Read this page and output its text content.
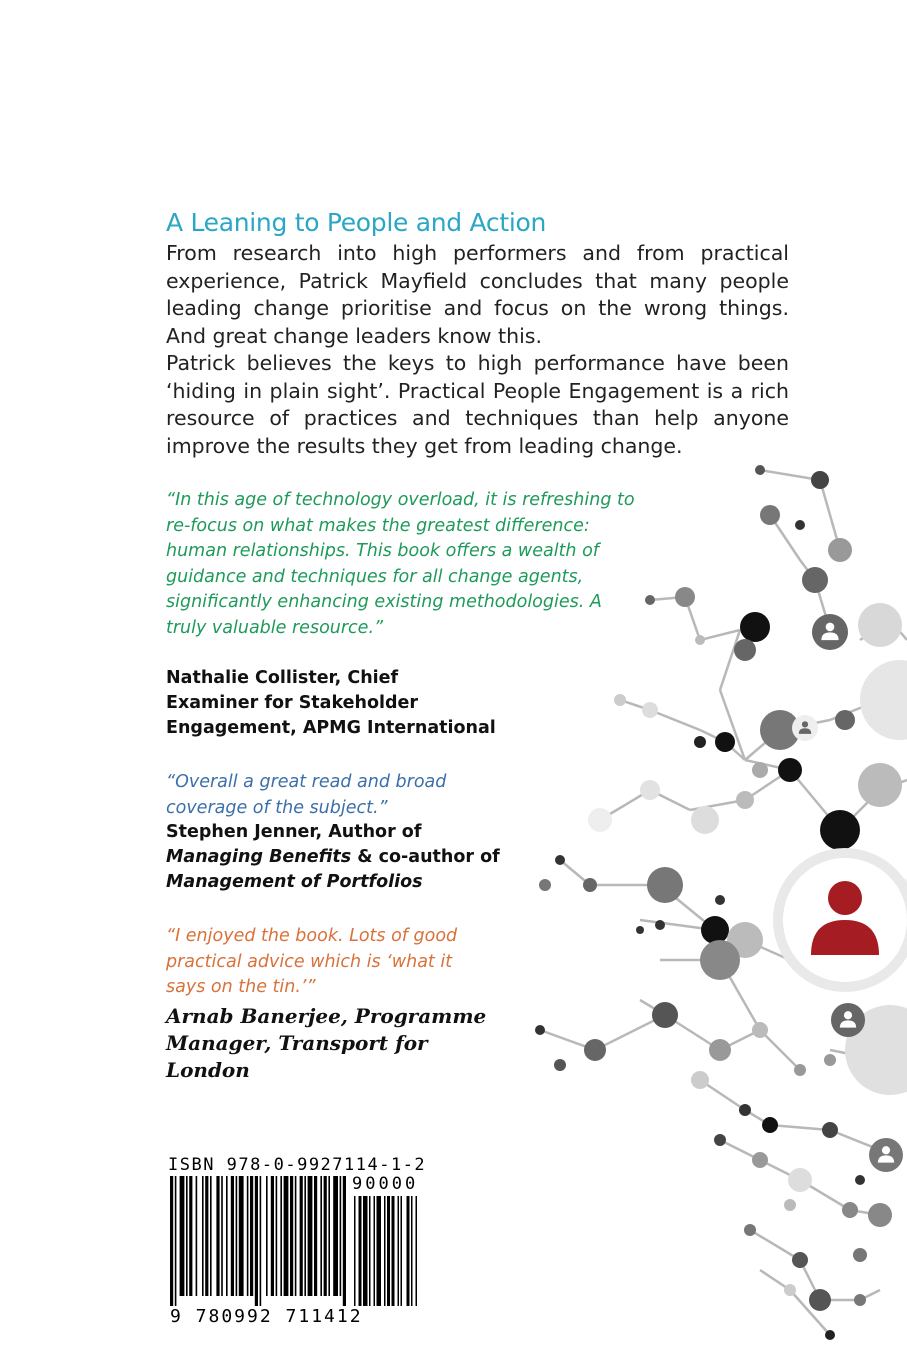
A Leaning to People and Action

From research into high performers and from practical experience, Patrick Mayfield concludes that many people leading change prioritise and focus on the wrong things. And great change leaders know this.

Patrick believes the keys to high performance have been ‘hiding in plain sight’. Practical People Engagement is a rich resource of practices and techniques than help anyone improve the results they get from leading change.

“In this age of technology overload, it is refreshing to re-focus on what makes the greatest difference: human relationships. This book offers a wealth of guidance and techniques for all change agents, significantly enhancing existing methodologies. A truly valuable resource.”
Nathalie Collister, Chief Examiner for Stakeholder Engagement, APMG International
“Overall a great read and broad coverage of the subject.”
Stephen Jenner, Author of Managing Benefits & co-author of Management of Portfolios
“I enjoyed the book. Lots of good practical advice which is ‘what it says on the tin.’”
Arnab Banerjee, Programme Manager, Transport for London
ISBN 978-0-9927114-1-2
90000
9 780992 711412
